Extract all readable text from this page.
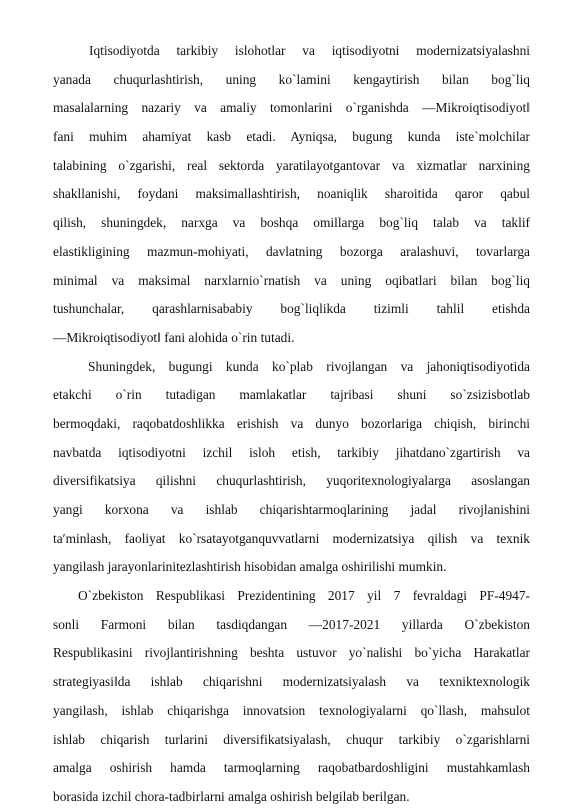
Iqtisodiyotda tarkibiy islohotlar va iqtisodiyotni modernizatsiyalashni
yanada chuqurlashtirish, uning ko`lamini kengaytirish bilan bog`liq
masalalarning nazariy va amaliy tomonlarini o`rganishda ―Mikroiqtisodiyot‖
fani muhim ahamiyat kasb etadi. Ayniqsa, bugung kunda iste`molchilar
talabining o`zgarishi, real sektorda yaratilayotgantovar va xizmatlar narxining
shakllanishi, foydani maksimallashtirish, noaniqlik sharoitida qaror qabul
qilish, shuningdek, narxga va boshqa omillarga bog`liq talab va taklif
elastikligining mazmun-mohiyati, davlatning bozorga aralashuvi, tovarlarga
minimal va maksimal narxlarnio`rnatish va uning oqibatlari bilan bog`liq
tushunchalar, qarashlarnisababiy bog`liqlikda tizimli tahlil etishda
―Mikroiqtisodiyot‖ fani alohida o`rin tutadi.
Shuningdek, bugungi kunda ko`plab rivojlangan va jahoniqtisodiyotida
etakchi o`rin tutadigan mamlakatlar tajribasi shuni so`zsizisbotlab
bermoqdaki, raqobatdoshlikka erishish va dunyo bozorlariga chiqish, birinchi
navbatda iqtisodiyotni izchil isloh etish, tarkibiy jihatdano`zgartirish va
diversifikatsiya qilishni chuqurlashtirish, yuqoritexnologiyalarga asoslangan
yangi korxona va ishlab chiqarishtarmoqlarining jadal rivojlanishini
ta′minlash, faoliyat ko`rsatayotganquvvatlarni modernizatsiya qilish va texnik
yangilash jarayonlarinitezlashtirish hisobidan amalga oshirilishi mumkin.
O`zbekiston Respublikasi Prezidentining 2017 yil 7 fevraldagi PF-4947-
sonli Farmoni bilan tasdiqdangan ―2017-2021 yillarda O`zbekiston
Respublikasini rivojlantirishning beshta ustuvor yo`nalishi bo`yicha Harakatlar
strategiyasi‖da ishlab chiqarishni modernizatsiyalash va texniktexnologik
yangilash, ishlab chiqarishga innovatsion texnologiyalarni qo`llash, mahsulot
ishlab chiqarish turlarini diversifikatsiyalash, chuqur tarkibiy o`zgarishlarni
amalga oshirish hamda tarmoqlarning raqobatbardoshligini mustahkamlash
borasida izchil chora-tadbirlarni amalga oshirish belgilab berilgan.
